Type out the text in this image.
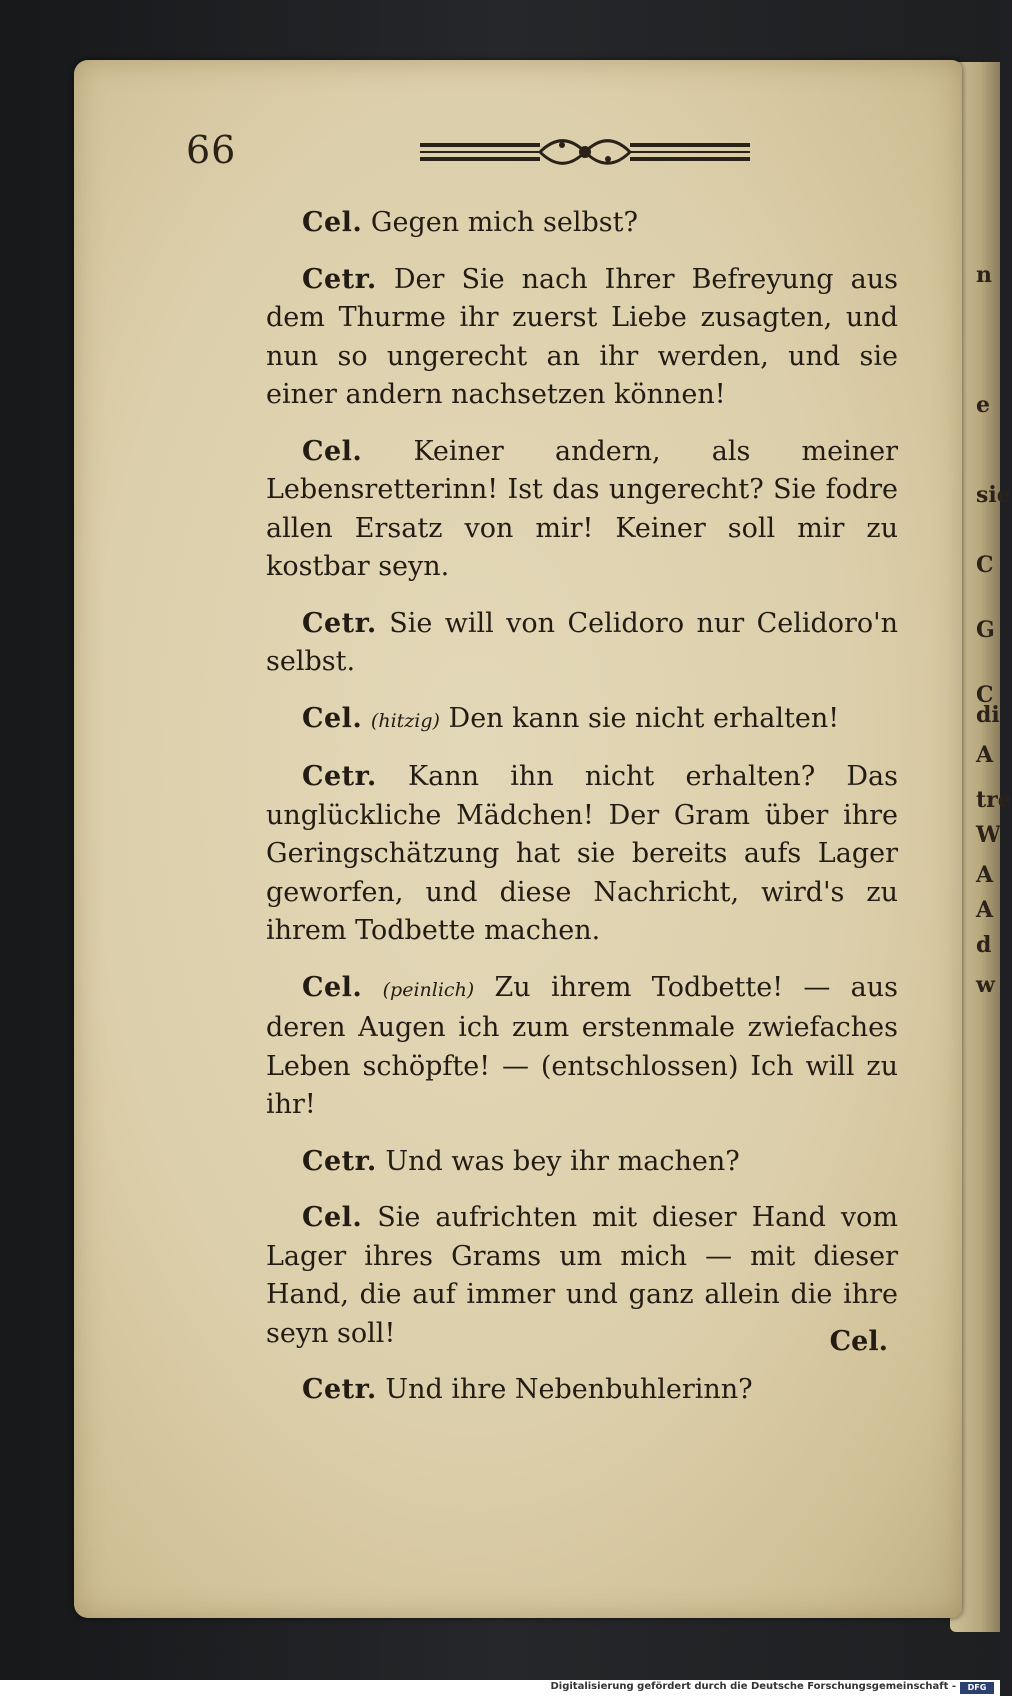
n
e
sie
C
G
C
di
A
tre
W
A
A
d
w
66

Cel. Gegen mich selbst?

Cetr. Der Sie nach Ihrer Befreyung aus dem Thurme ihr zuerst Liebe zusagten, und nun so ungerecht an ihr werden, und sie einer andern nachsetzen können!

Cel. Keiner andern, als meiner Lebensretterinn! Ist das ungerecht? Sie fodre allen Ersatz von mir! Keiner soll mir zu kostbar seyn.

Cetr. Sie will von Celidoro nur Celidoro'n selbst.

Cel. (hitzig) Den kann sie nicht erhalten!

Cetr. Kann ihn nicht erhalten? Das unglückliche Mädchen! Der Gram über ihre Geringschätzung hat sie bereits aufs Lager geworfen, und diese Nachricht, wird's zu ihrem Todbette machen.

Cel. (peinlich) Zu ihrem Todbette! — aus deren Augen ich zum erstenmale zwiefaches Leben schöpfte! — (entschlossen) Ich will zu ihr!

Cetr. Und was bey ihr machen?

Cel. Sie aufrichten mit dieser Hand vom Lager ihres Grams um mich — mit dieser Hand, die auf immer und ganz allein die ihre seyn soll!

Cetr. Und ihre Nebenbuhlerinn?

Cel.
Digitalisierung gefördert durch die Deutsche Forschungsgemeinschaft -	DFG
